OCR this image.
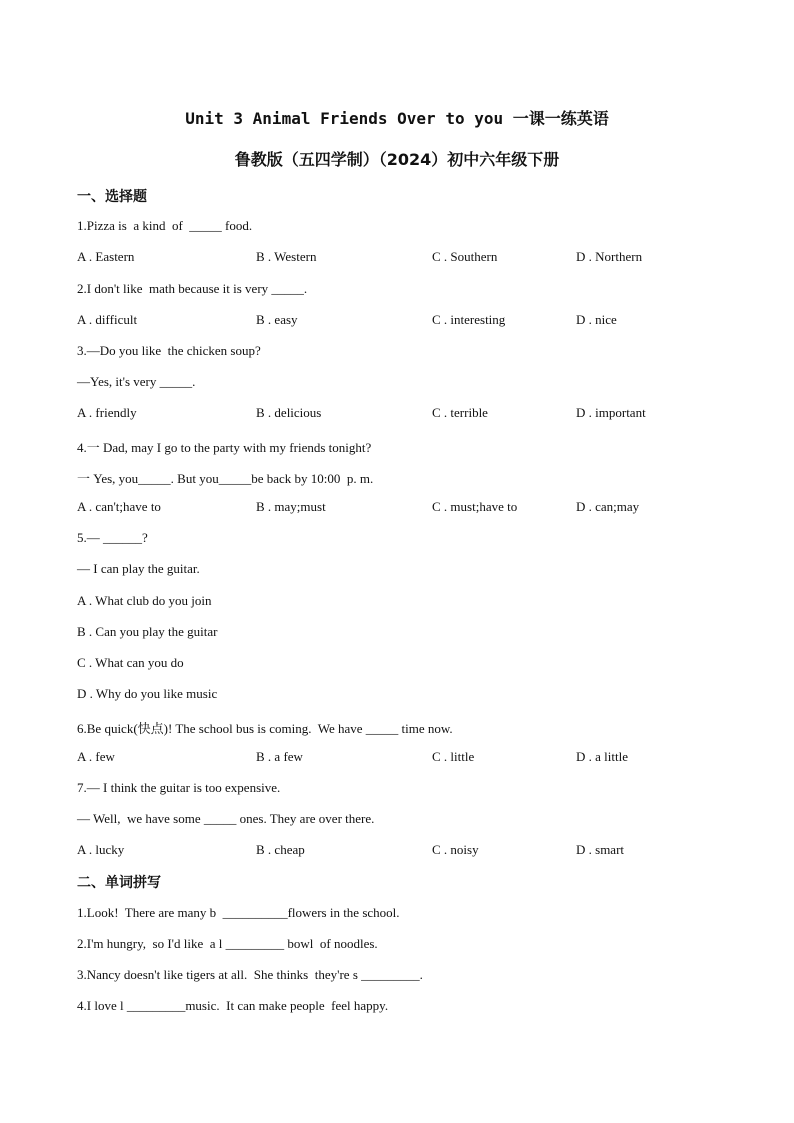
Unit 3 Animal Friends Over to you 一课一练英语
鲁教版（五四学制）（2024）初中六年级下册
一、选择题
1.Pizza is  a kind  of  _____ food.
A . Eastern	B . Western	C . Southern	D . Northern
2.I don't like  math because it is very _____.
A . difficult	B . easy	C . interesting	D . nice
3.—Do you like  the chicken soup?
—Yes, it's very _____.
A . friendly	B . delicious	C . terrible	D . important
4.一 Dad, may I go to the party with my friends tonight?
一 Yes, you_____. But you_____be back by 10:00  p. m.
A . can't;have to	B . may;must	C . must;have to	D . can;may
5.— ______?
— I can play the guitar.
A . What club do you join
B . Can you play the guitar
C . What can you do
D . Why do you like music
6.Be quick(快点)! The school bus is coming.  We have _____ time now.
A . few	B . a few	C . little	D . a little
7.— I think the guitar is too expensive.
— Well,  we have some _____ ones. They are over there.
A . lucky	B . cheap	C . noisy	D . smart
二、单词拼写
1.Look!  There are many b  __________flowers in the school.
2.I'm hungry,  so I'd like  a l _________ bowl  of noodles.
3.Nancy doesn't like tigers at all.  She thinks  they're s _________.
4.I love l _________music.  It can make people  feel happy.
